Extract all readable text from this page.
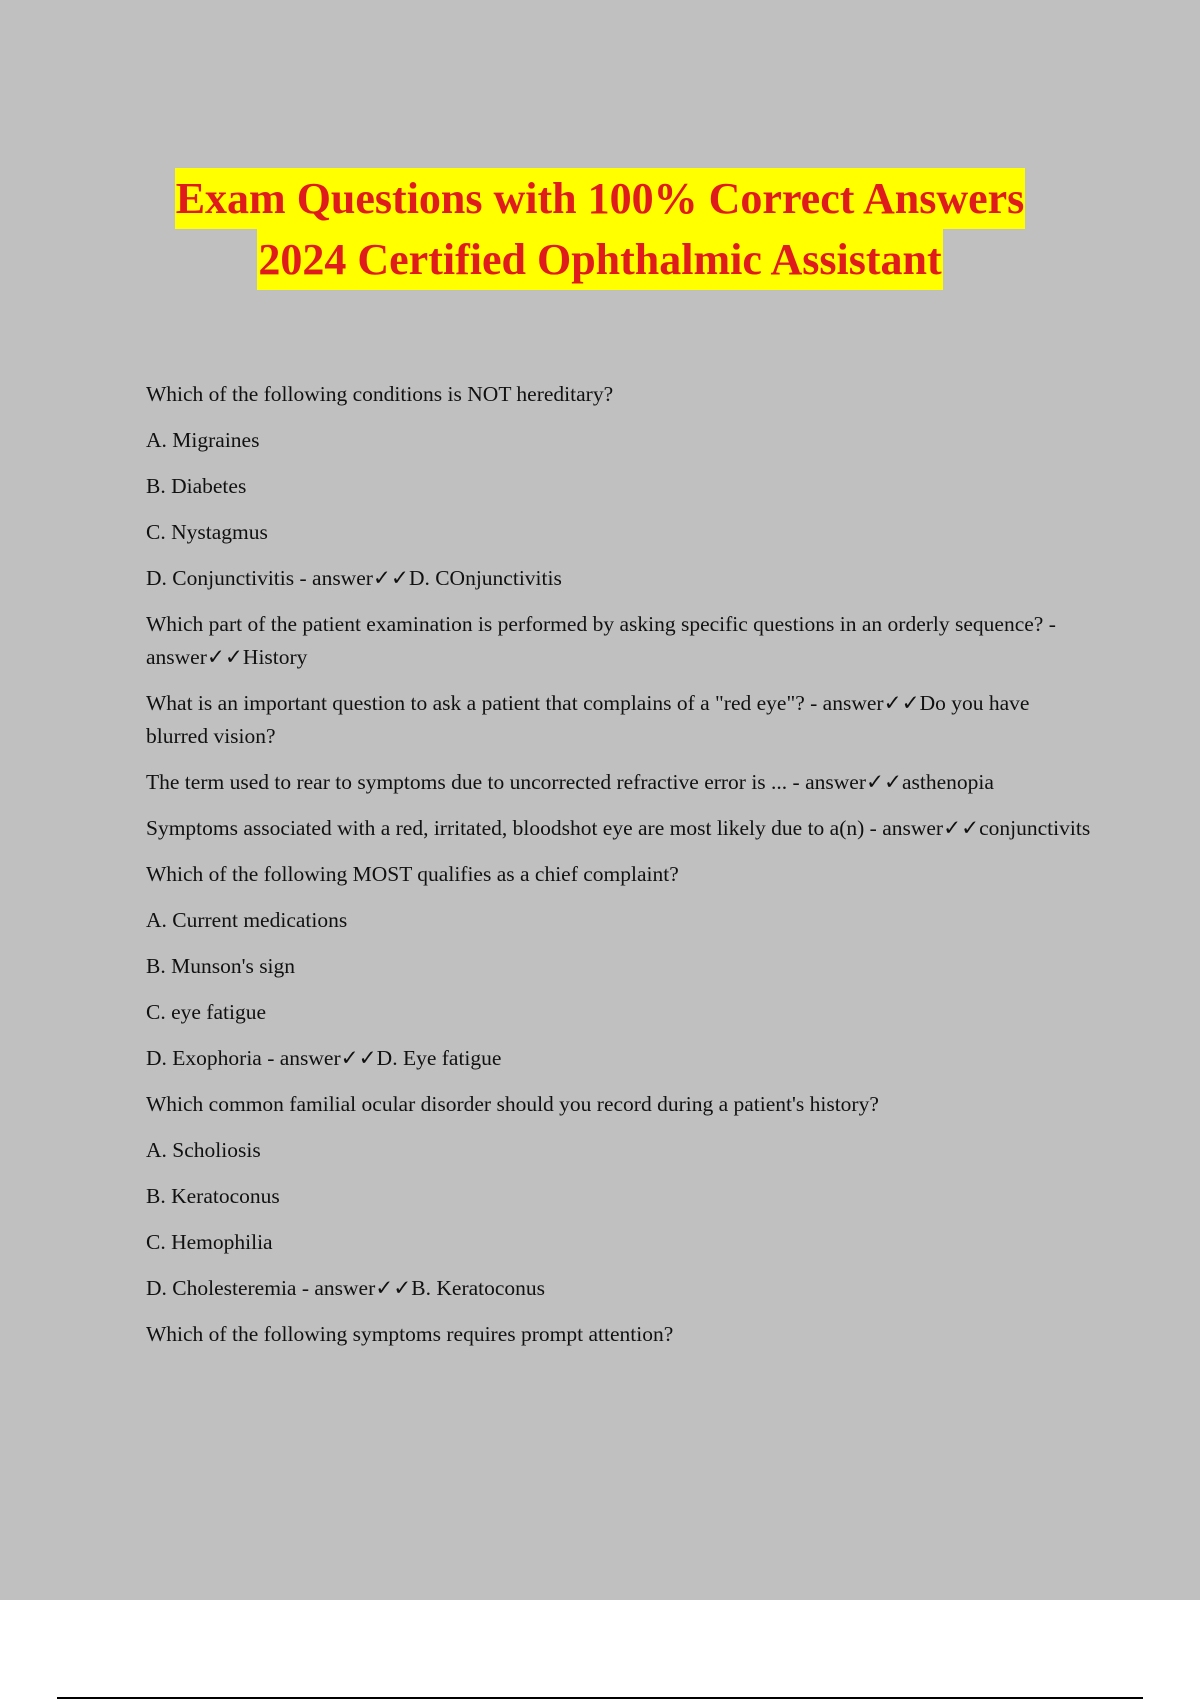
Exam Questions with 100% Correct Answers
2024 Certified Ophthalmic Assistant

Which of the following conditions is NOT hereditary?

A. Migraines

B. Diabetes

C. Nystagmus

D. Conjunctivitis - answer✓✓D. COnjunctivitis

Which part of the patient examination is performed by asking specific questions in an orderly sequence? - answer✓✓History

What is an important question to ask a patient that complains of a "red eye"? - answer✓✓Do you have blurred vision?

The term used to rear to symptoms due to uncorrected refractive error is ... - answer✓✓asthenopia

Symptoms associated with a red, irritated, bloodshot eye are most likely due to a(n) - answer✓✓conjunctivits

Which of the following MOST qualifies as a chief complaint?

A. Current medications

B. Munson's sign

C. eye fatigue

D. Exophoria - answer✓✓D. Eye fatigue

Which common familial ocular disorder should you record during a patient's history?

A. Scholiosis

B. Keratoconus

C. Hemophilia

D. Cholesteremia - answer✓✓B. Keratoconus

Which of the following symptoms requires prompt attention?
